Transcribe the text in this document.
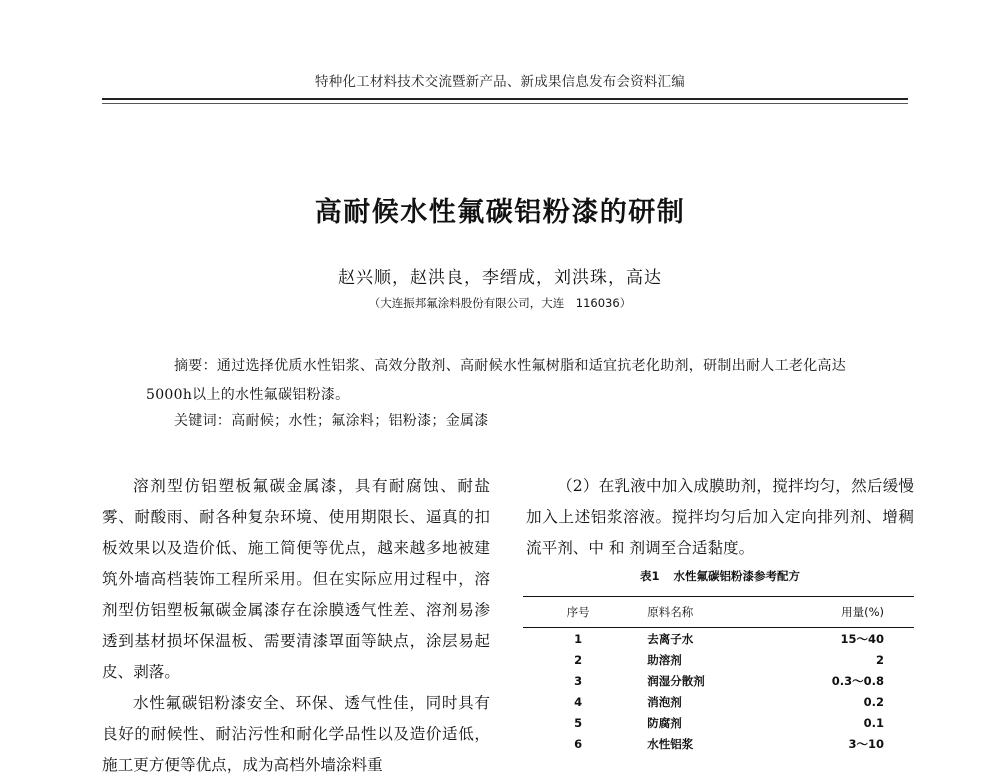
特种化工材料技术交流暨新产品、新成果信息发布会资料汇编
高耐候水性氟碳铝粉漆的研制
赵兴顺，赵洪良，李缙成，刘洪珠，高达
（大连振邦氟涂料股份有限公司，大连　116036）

摘要：通过选择优质水性铝浆、高效分散剂、高耐候水性氟树脂和适宜抗老化助剂，研制出耐人工老化高达5000h以上的水性氟碳铝粉漆。

关键词：高耐候；水性；氟涂料；铝粉漆；金属漆

溶剂型仿铝塑板氟碳金属漆，具有耐腐蚀、耐盐雾、耐酸雨、耐各种复杂环境、使用期限长、逼真的扣板效果以及造价低、施工简便等优点，越来越多地被建筑外墙高档装饰工程所采用。但在实际应用过程中，溶剂型仿铝塑板氟碳金属漆存在涂膜透气性差、溶剂易渗透到基材损坏保温板、需要清漆罩面等缺点，涂层易起皮、剥落。

水性氟碳铝粉漆安全、环保、透气性佳，同时具有良好的耐候性、耐沾污性和耐化学品性以及造价适低，施工更方便等优点，成为高档外墙涂料重

（2）在乳液中加入成膜助剂，搅拌均匀，然后缓慢加入上述铝浆溶液。搅拌均匀后加入定向排列剂、增稠流平剂、中 和 剂调至合适黏度。

表1 水性氟碳铝粉漆参考配方
序号	原料名称	用量(%)
1	去离子水	15～40
2	助溶剂	2
3	润湿分散剂	0.3～0.8
4	消泡剂	0.2
5	防腐剂	0.1
6	水性铝浆	3～10
